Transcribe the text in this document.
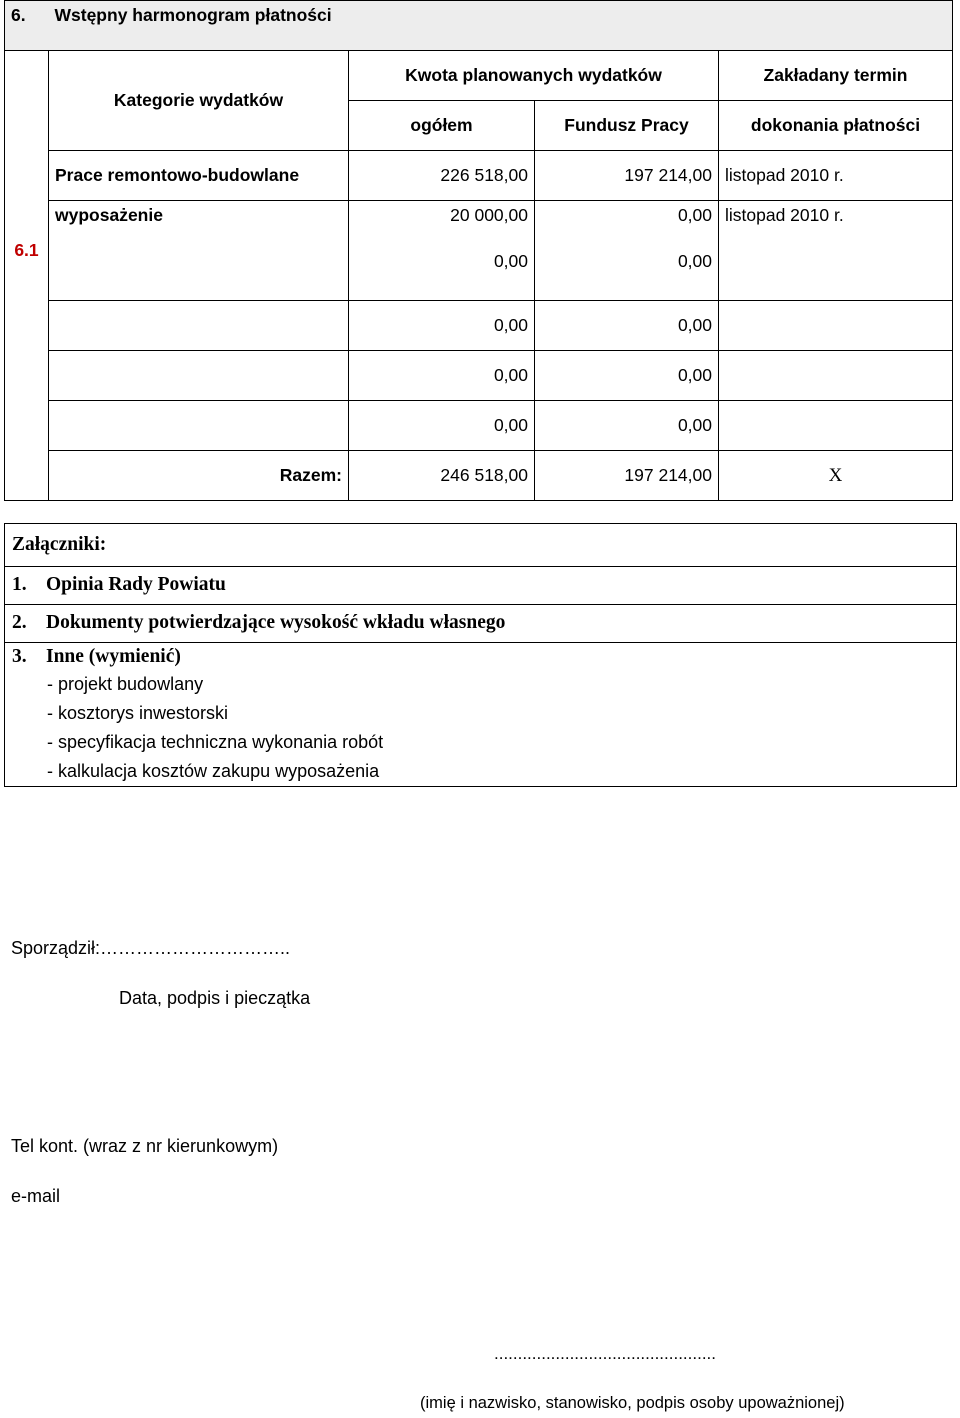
6.	Wstępny harmonogram płatności			
6.1	Kategorie wydatków	Kwota planowanych wydatków		Zakładany termin
		ogółem	Fundusz Pracy	dokonania płatności
	Prace remontowo-budowlane	226 518,00	197 214,00	listopad 2010 r.
	wyposażenie	20 000,00	0,00	listopad 2010 r.
		0,00	0,00	
		0,00	0,00	
		0,00	0,00	
		0,00	0,00	
	Razem:	246 518,00	197 214,00	X
Załączniki:
1. Opinia Rady Powiatu
2. Dokumenty potwierdzające wysokość wkładu własnego
3. Inne (wymienić)
- projekt budowlany
- kosztorys inwestorski
- specyfikacja techniczna wykonania robót
- kalkulacja kosztów zakupu wyposażenia
Sporządził:…………………………..
Data, podpis i pieczątka
Tel kont. (wraz z nr kierunkowym)
e-mail
...............................................
(imię i nazwisko, stanowisko, podpis osoby upoważnionej)
